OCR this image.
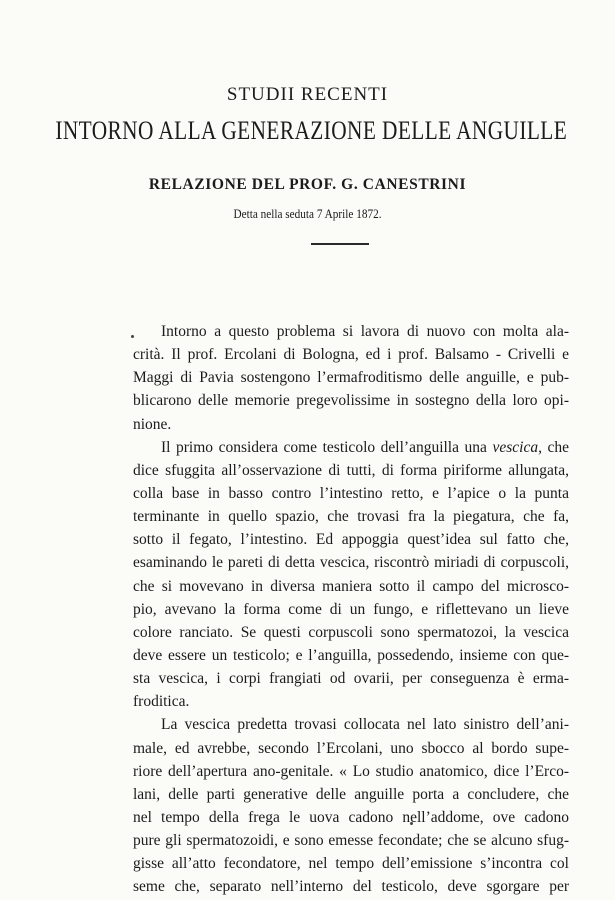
STUDII RECENTI
INTORNO ALLA GENERAZIONE DELLE ANGUILLE
RELAZIONE DEL PROF. G. CANESTRINI
Detta nella seduta 7 Aprile 1872.
Intorno a questo problema si lavora di nuovo con molta ala-
crità. Il prof. Ercolani di Bologna, ed i prof. Balsamo - Crivelli e
Maggi di Pavia sostengono l’ermafroditismo delle anguille, e pub-
blicarono delle memorie pregevolissime in sostegno della loro opi-
nione.
Il primo considera come testicolo dell’anguilla una vescica, che
dice sfuggita all’osservazione di tutti, di forma piriforme allungata,
colla base in basso contro l’intestino retto, e l’apice o la punta
terminante in quello spazio, che trovasi fra la piegatura, che fa,
sotto il fegato, l’intestino. Ed appoggia quest’idea sul fatto che,
esaminando le pareti di detta vescica, riscontrò miriadi di corpuscoli,
che si movevano in diversa maniera sotto il campo del microsco-
pio, avevano la forma come di un fungo, e riflettevano un lieve
colore ranciato. Se questi corpuscoli sono spermatozoi, la vescica
deve essere un testicolo; e l’anguilla, possedendo, insieme con que-
sta vescica, i corpi frangiati od ovarii, per conseguenza è erma-
froditica.
La vescica predetta trovasi collocata nel lato sinistro dell’ani-
male, ed avrebbe, secondo l’Ercolani, uno sbocco al bordo supe-
riore dell’apertura ano-genitale. « Lo studio anatomico, dice l’Erco-
lani, delle parti generative delle anguille porta a concludere, che
nel tempo della frega le uova cadono nell’addome, ove cadono
pure gli spermatozoidi, e sono emesse fecondate; che se alcuno sfug-
gisse all’atto fecondatore, nel tempo dell’emissione s’incontra col
seme che, separato nell’interno del testicolo, deve sgorgare per
